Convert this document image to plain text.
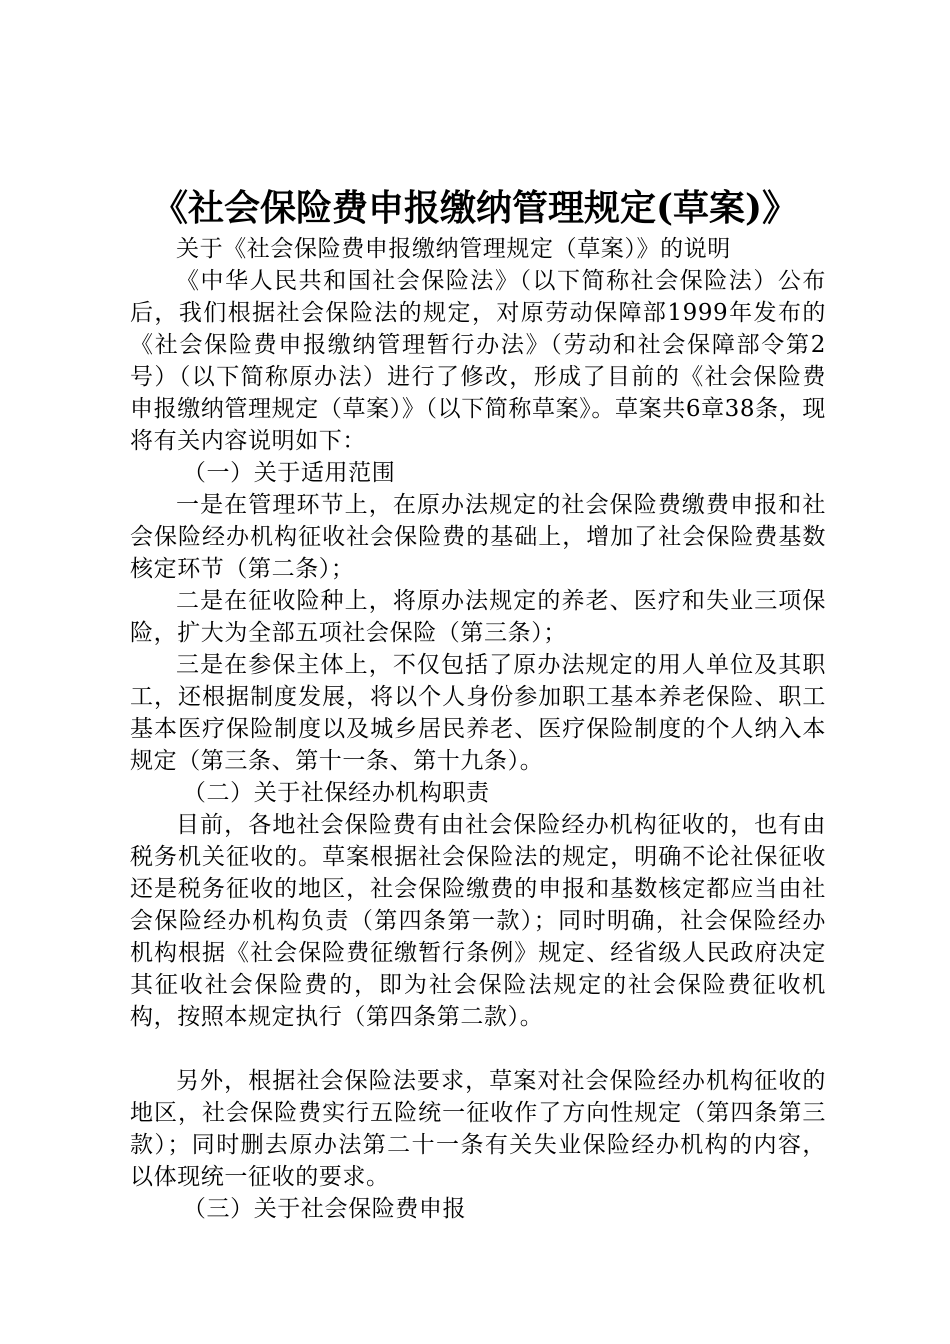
《社会保险费申报缴纳管理规定(草案)》

关于《社会保险费申报缴纳管理规定（草案）》的说明

《中华人民共和国社会保险法》（以下简称社会保险法）公布后，我们根据社会保险法的规定，对原劳动保障部1999年发布的《社会保险费申报缴纳管理暂行办法》（劳动和社会保障部令第2号）（以下简称原办法）进行了修改，形成了目前的《社会保险费申报缴纳管理规定（草案）》（以下简称草案》。草案共6章38条，现将有关内容说明如下：

（一）关于适用范围

一是在管理环节上，在原办法规定的社会保险费缴费申报和社会保险经办机构征收社会保险费的基础上，增加了社会保险费基数核定环节（第二条）；

二是在征收险种上，将原办法规定的养老、医疗和失业三项保险，扩大为全部五项社会保险（第三条）；

三是在参保主体上，不仅包括了原办法规定的用人单位及其职工，还根据制度发展，将以个人身份参加职工基本养老保险、职工基本医疗保险制度以及城乡居民养老、医疗保险制度的个人纳入本规定（第三条、第十一条、第十九条）。

（二）关于社保经办机构职责

目前，各地社会保险费有由社会保险经办机构征收的，也有由税务机关征收的。草案根据社会保险法的规定，明确不论社保征收还是税务征收的地区，社会保险缴费的申报和基数核定都应当由社会保险经办机构负责（第四条第一款）；同时明确，社会保险经办机构根据《社会保险费征缴暂行条例》规定、经省级人民政府决定其征收社会保险费的，即为社会保险法规定的社会保险费征收机构，按照本规定执行（第四条第二款）。

另外，根据社会保险法要求，草案对社会保险经办机构征收的地区，社会保险费实行五险统一征收作了方向性规定（第四条第三款）；同时删去原办法第二十一条有关失业保险经办机构的内容，以体现统一征收的要求。

（三）关于社会保险费申报
